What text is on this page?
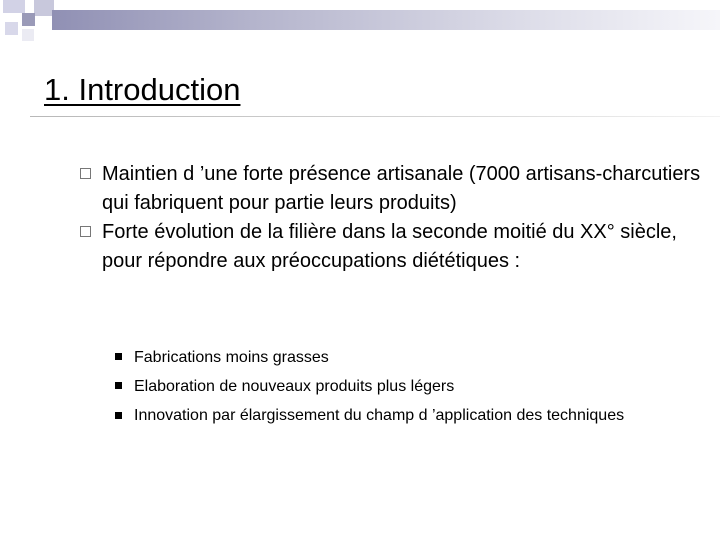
1. Introduction
Maintien d ’une forte présence artisanale (7000 artisans-charcutiers qui fabriquent pour partie leurs produits)
Forte évolution de la filière dans la seconde moitié du XX° siècle, pour répondre aux préoccupations diététiques :
Fabrications moins grasses
Elaboration de nouveaux produits plus légers
Innovation par élargissement du champ d ’application des techniques
